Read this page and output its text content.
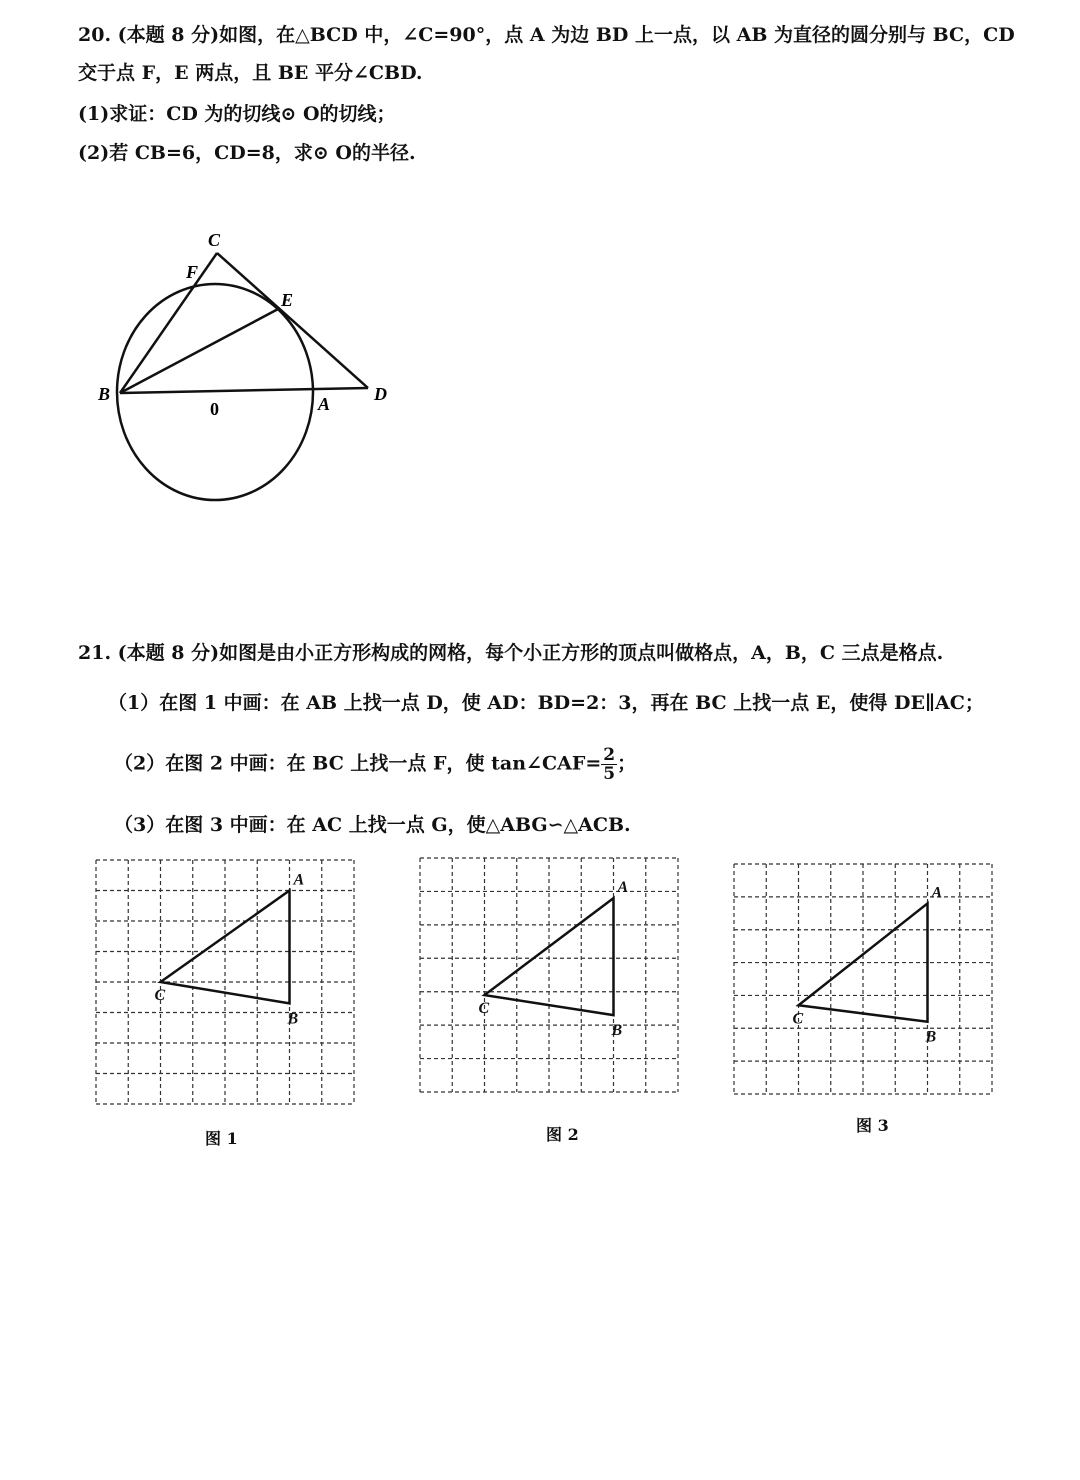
20. (本题 8 分)如图，在△BCD 中，∠C=90°，点 A 为边 BD 上一点，以 AB 为直径的圆分别与 BC，CD
交于点 F，E 两点，且 BE 平分∠CBD.
(1)求证：CD 为的切线⊙ O的切线；
(2)若 CB=6，CD=8，求⊙ O的半径.
C
F
E
B
0	A D
21. (本题 8 分)如图是由小正方形构成的网格，每个小正方形的顶点叫做格点，A，B，C 三点是格点.
（1）在图 1 中画：在 AB 上找一点 D，使 AD：BD=2：3，再在 BC 上找一点 E，使得 DE∥AC；
（2）在图 2 中画：在 BC 上找一点 F，使 tan∠CAF= $\frac{2}{5}$ ；
（3）在图 3 中画：在 AC 上找一点 G，使△ABG∽△ACB.
A
B
C
A
B
C
A
B
C
图 1	图 2	图 3
